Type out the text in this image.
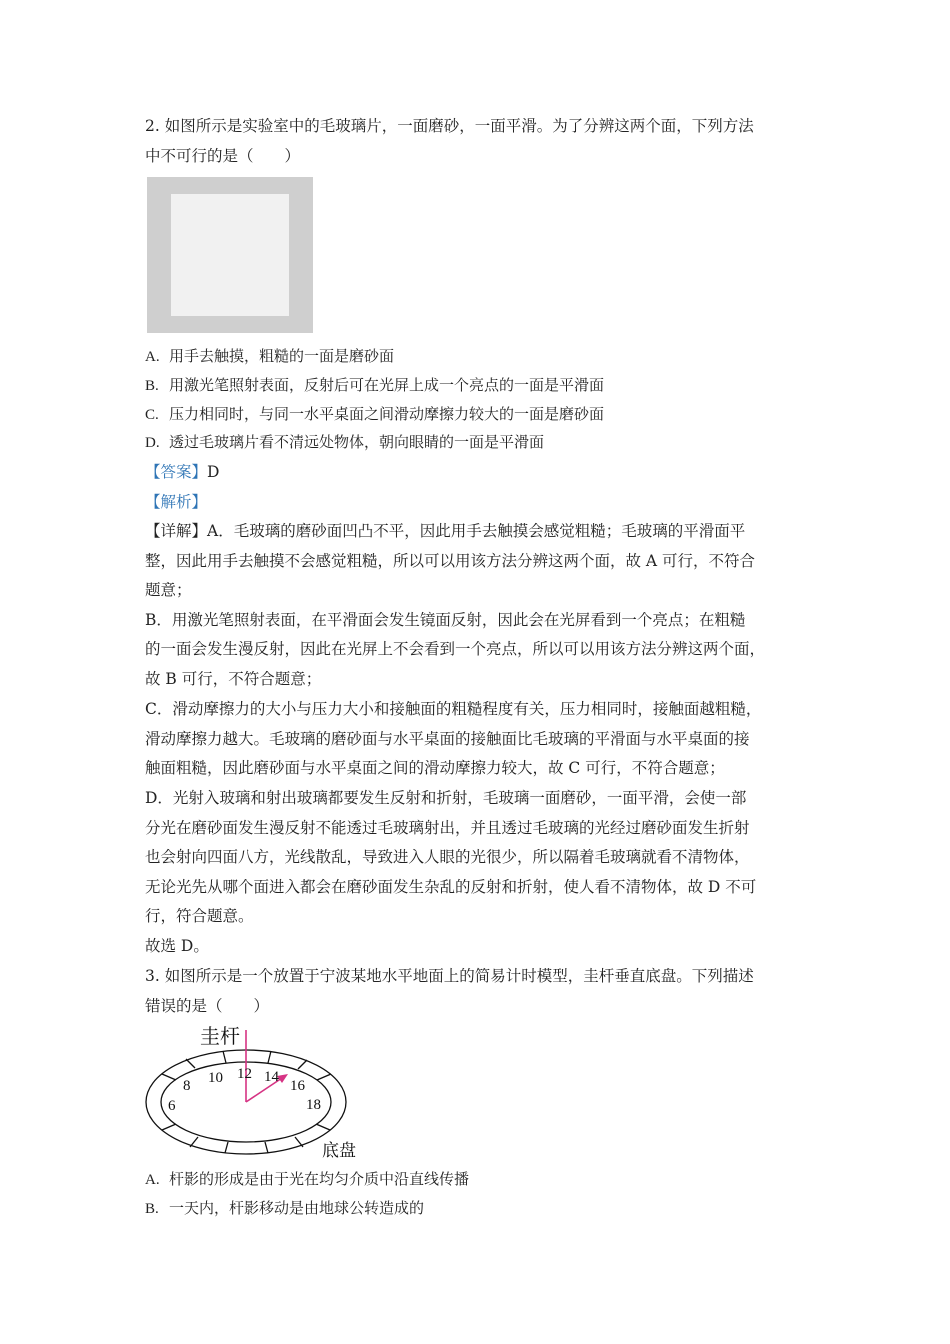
2. 如图所示是实验室中的毛玻璃片，一面磨砂，一面平滑。为了分辨这两个面，下列方法
中不可行的是（　　）
A. 用手去触摸，粗糙的一面是磨砂面
B. 用激光笔照射表面，反射后可在光屏上成一个亮点的一面是平滑面
C. 压力相同时，与同一水平桌面之间滑动摩擦力较大的一面是磨砂面
D. 透过毛玻璃片看不清远处物体，朝向眼睛的一面是平滑面
【答案】D
【解析】
【详解】A．毛玻璃的磨砂面凹凸不平，因此用手去触摸会感觉粗糙；毛玻璃的平滑面平
整，因此用手去触摸不会感觉粗糙，所以可以用该方法分辨这两个面，故 A 可行，不符合
题意；
B．用激光笔照射表面，在平滑面会发生镜面反射，因此会在光屏看到一个亮点；在粗糙
的一面会发生漫反射，因此在光屏上不会看到一个亮点，所以可以用该方法分辨这两个面，
故 B 可行，不符合题意；
C．滑动摩擦力的大小与压力大小和接触面的粗糙程度有关，压力相同时，接触面越粗糙，
滑动摩擦力越大。毛玻璃的磨砂面与水平桌面的接触面比毛玻璃的平滑面与水平桌面的接
触面粗糙，因此磨砂面与水平桌面之间的滑动摩擦力较大，故 C 可行，不符合题意；
D．光射入玻璃和射出玻璃都要发生反射和折射，毛玻璃一面磨砂，一面平滑，会使一部
分光在磨砂面发生漫反射不能透过毛玻璃射出，并且透过毛玻璃的光经过磨砂面发生折射
也会射向四面八方，光线散乱，导致进入人眼的光很少，所以隔着毛玻璃就看不清物体，
无论光先从哪个面进入都会在磨砂面发生杂乱的反射和折射，使人看不清物体，故 D 不可
行，符合题意。
故选 D。
3. 如图所示是一个放置于宁波某地水平地面上的简易计时模型，圭杆垂直底盘。下列描述
错误的是（　　）
圭杆
6
8 10 12 14
16
18
底盘
A. 杆影的形成是由于光在均匀介质中沿直线传播
B. 一天内，杆影移动是由地球公转造成的
